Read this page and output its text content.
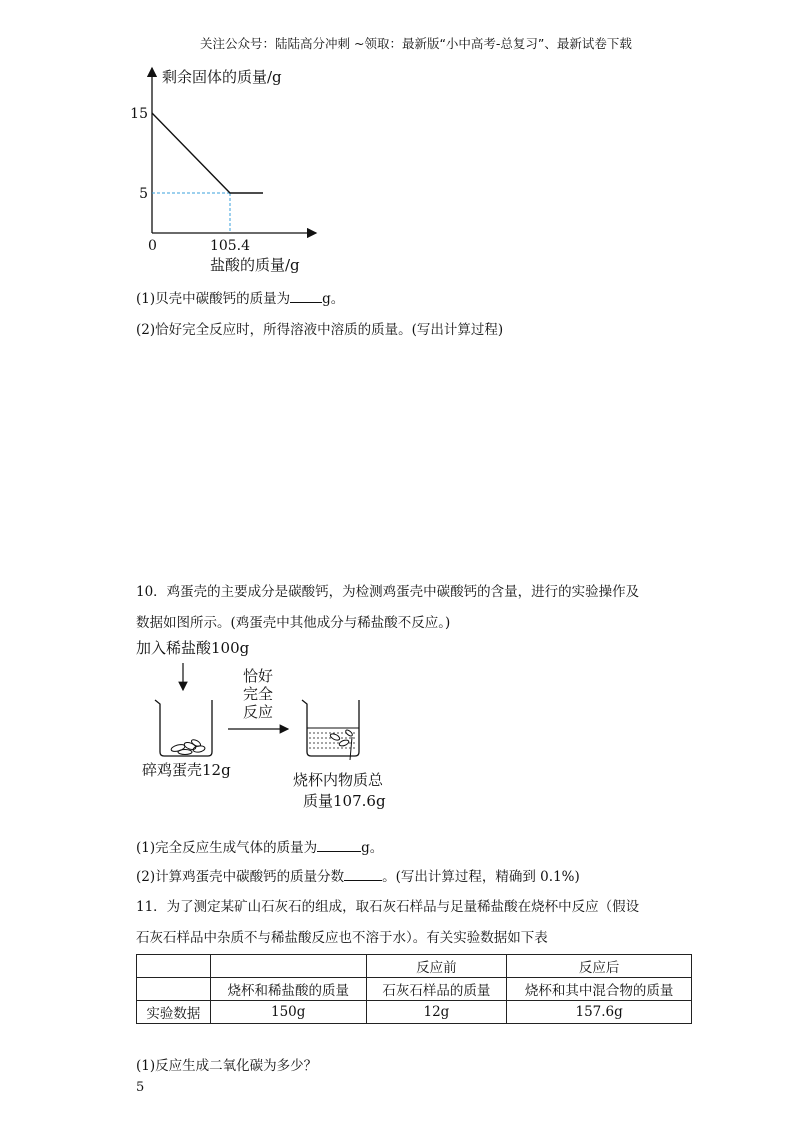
关注公众号：陆陆高分冲刺 ~领取：最新版“小中高考-总复习”、最新试卷下载
剩余固体的质量/g
盐酸的质量/g
0	105.4
15
5
(1)贝壳中碳酸钙的质量为 g。
(2)恰好完全反应时，所得溶液中溶质的质量。(写出计算过程)
10．鸡蛋壳的主要成分是碳酸钙，为检测鸡蛋壳中碳酸钙的含量，进行的实验操作及
数据如图所示。(鸡蛋壳中其他成分与稀盐酸不反应。)
加入稀盐酸100g
碎鸡蛋壳12g
恰好
完全
反应
烧杯内物质总
质量107.6g
(1)完全反应生成气体的质量为	g。
(2)计算鸡蛋壳中碳酸钙的质量分数	。(写出计算过程，精确到 0.1%)
11．为了测定某矿山石灰石的组成，取石灰石样品与足量稀盐酸在烧杯中反应（假设
石灰石样品中杂质不与稀盐酸反应也不溶于水）。有关实验数据如下表
		反应前	反应后
	烧杯和稀盐酸的质量	石灰石样品的质量	烧杯和其中混合物的质量
实验数据	150g	12g	157.6g
(1)反应生成二氧化碳为多少？
5
